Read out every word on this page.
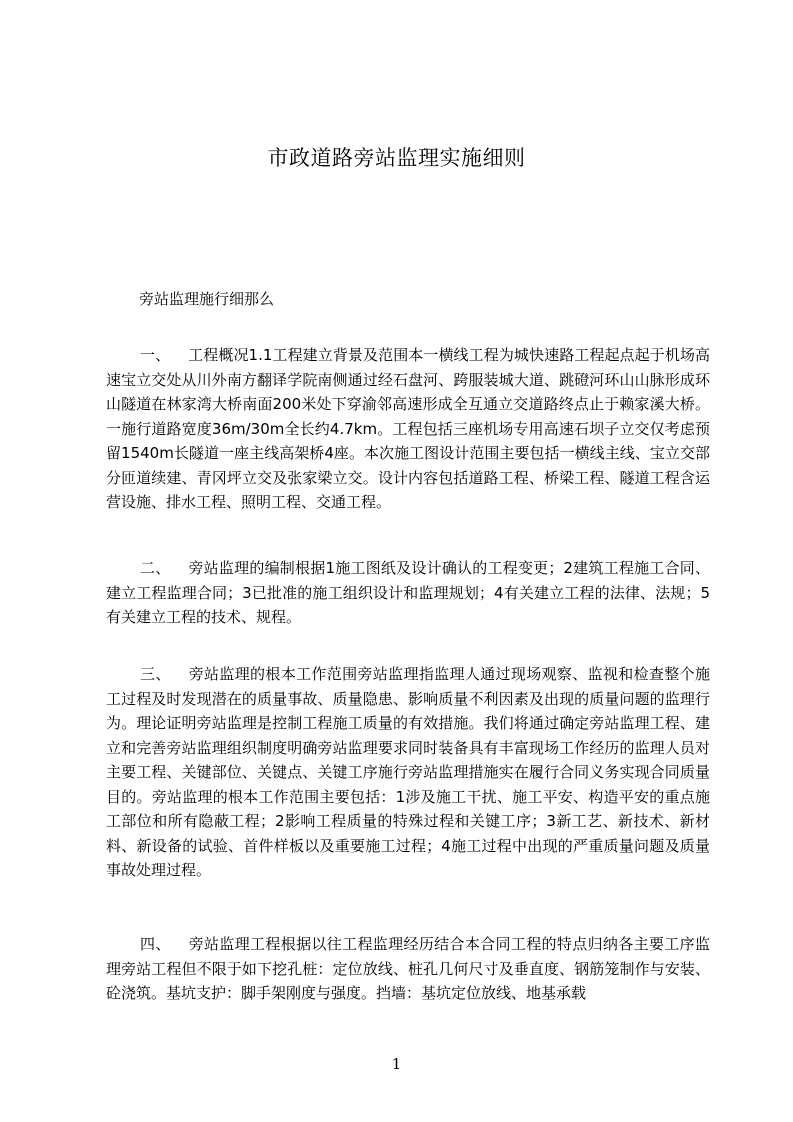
市政道路旁站监理实施细则

旁站监理施行细那么

一、 工程概况1.1工程建立背景及范围本一横线工程为城快速路工程起点起于机场高速宝立交处从川外南方翻译学院南侧通过经石盘河、跨服装城大道、跳磴河环山山脉形成环山隧道在林家湾大桥南面200米处下穿渝邻高速形成全互通立交道路终点止于赖家溪大桥。一施行道路宽度36m/30m全长约4.7km。工程包括三座机场专用高速石坝子立交仅考虑预留1540m长隧道一座主线高架桥4座。本次施工图设计范围主要包括一横线主线、宝立交部分匝道续建、青冈坪立交及张家梁立交。设计内容包括道路工程、桥梁工程、隧道工程含运营设施、排水工程、照明工程、交通工程。

二、 旁站监理的编制根据1施工图纸及设计确认的工程变更；2建筑工程施工合同、建立工程监理合同；3已批准的施工组织设计和监理规划；4有关建立工程的法律、法规；5有关建立工程的技术、规程。

三、 旁站监理的根本工作范围旁站监理指监理人通过现场观察、监视和检查整个施工过程及时发现潜在的质量事故、质量隐患、影响质量不利因素及出现的质量问题的监理行为。理论证明旁站监理是控制工程施工质量的有效措施。我们将通过确定旁站监理工程、建立和完善旁站监理组织制度明确旁站监理要求同时装备具有丰富现场工作经历的监理人员对主要工程、关键部位、关键点、关键工序施行旁站监理措施实在履行合同义务实现合同质量目的。旁站监理的根本工作范围主要包括：1涉及施工干扰、施工平安、构造平安的重点施工部位和所有隐蔽工程；2影响工程质量的特殊过程和关键工序；3新工艺、新技术、新材料、新设备的试验、首件样板以及重要施工过程；4施工过程中出现的严重质量问题及质量事故处理过程。

四、 旁站监理工程根据以往工程监理经历结合本合同工程的特点归纳各主要工序监理旁站工程但不限于如下挖孔桩：定位放线、桩孔几何尺寸及垂直度、钢筋笼制作与安装、砼浇筑。基坑支护：脚手架刚度与强度。挡墙：基坑定位放线、地基承载

1
